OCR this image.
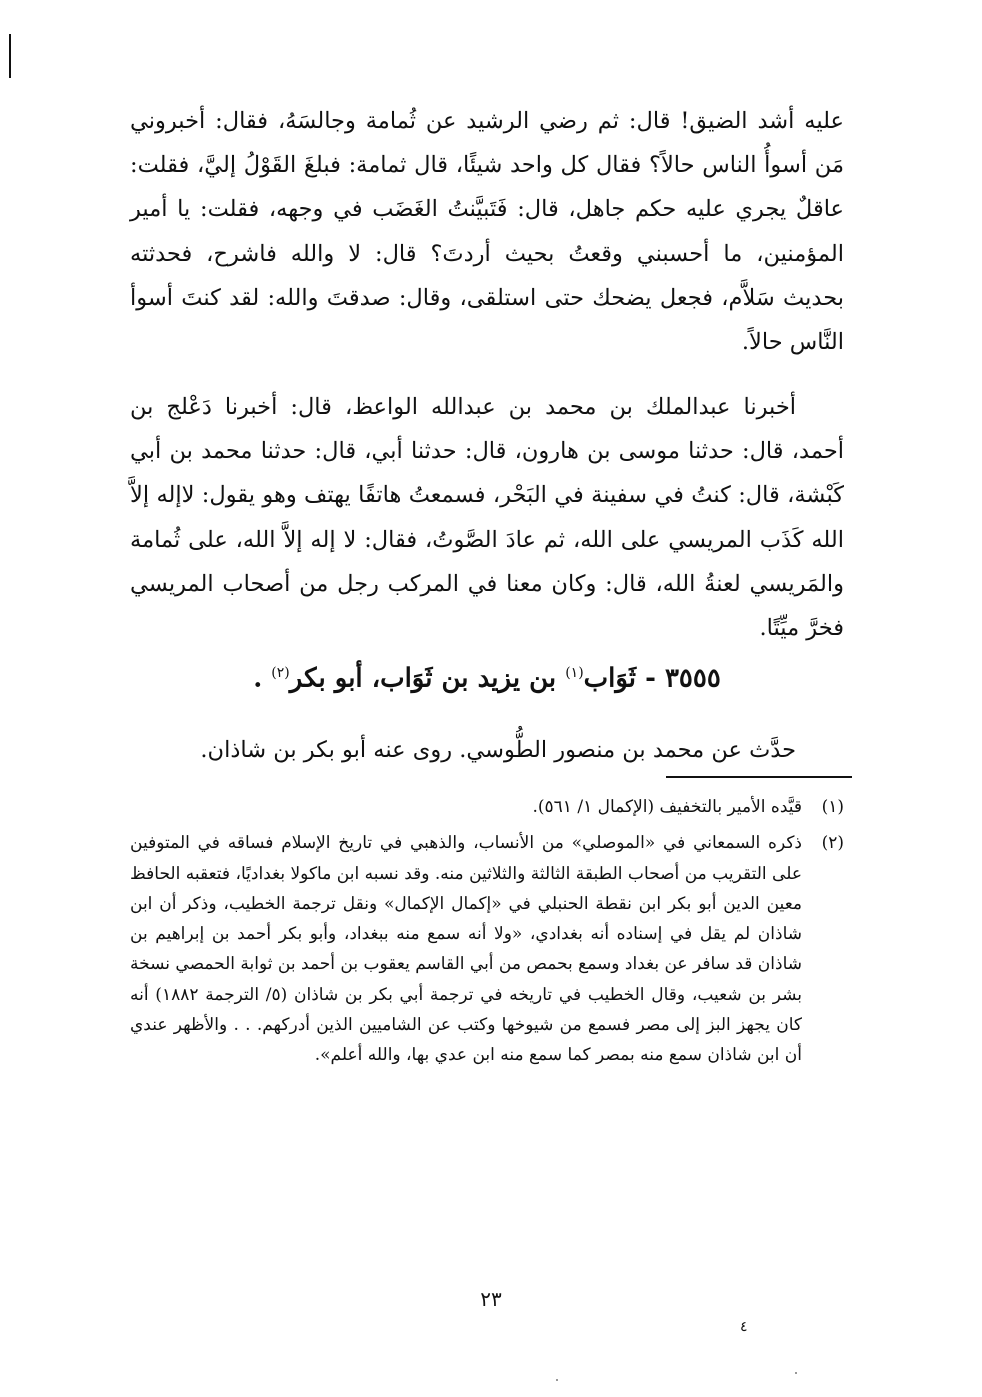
عليه أشد الضيق! قال: ثم رضي الرشيد عن ثُمامة وجالسَهُ، فقال: أخبروني مَن أسوأُ الناس حالاً؟ فقال كل واحد شيئًا، قال ثمامة: فبلغَ القَوْلُ إليَّ، فقلت: عاقلٌ يجري عليه حكم جاهل، قال: فَتَبيَّنتُ الغَضَب في وجهه، فقلت: يا أمير المؤمنين، ما أحسبني وقعتُ بحيث أردتَ؟ قال: لا والله فاشرح، فحدثته بحديث سَلاَّم، فجعل يضحك حتى استلقى، وقال: صدقتَ والله: لقد كنتَ أسوأ النَّاس حالاً.

أخبرنا عبدالملك بن محمد بن عبدالله الواعظ، قال: أخبرنا دَعْلج بن أحمد، قال: حدثنا موسى بن هارون، قال: حدثنا أبي، قال: حدثنا محمد بن أبي كَبْشة، قال: كنتُ في سفينة في البَحْر، فسمعتُ هاتفًا يهتف وهو يقول: لاإله إلاَّ الله كَذَب المريسي على الله، ثم عادَ الصَّوتُ، فقال: لا إله إلاَّ الله، على ثُمامة والمَريسي لعنةُ الله، قال: وكان معنا في المركب رجل من أصحاب المريسي فخرَّ ميِّتًا.

٣٥٥٥ - ثَوَاب$^{(١)}$ بن يزيد بن ثَوَاب، أبو بكر$^{(٢)}$ .

حدَّث عن محمد بن منصور الطُّوسي. روى عنه أبو بكر بن شاذان.

(١)
قيَّده الأمير بالتخفيف (الإكمال ١/ ٥٦١).

(٢)
ذكره السمعاني في «الموصلي» من الأنساب، والذهبي في تاريخ الإسلام فساقه في المتوفين على التقريب من أصحاب الطبقة الثالثة والثلاثين منه. وقد نسبه ابن ماكولا بغداديًا، فتعقبه الحافظ معين الدين أبو بكر ابن نقطة الحنبلي في «إكمال الإكمال» ونقل ترجمة الخطيب، وذكر أن ابن شاذان لم يقل في إسناده أنه بغدادي، «ولا أنه سمع منه ببغداد، وأبو بكر أحمد بن إبراهيم بن شاذان قد سافر عن بغداد وسمع بحمص من أبي القاسم يعقوب بن أحمد بن ثوابة الحمصي نسخة بشر بن شعيب، وقال الخطيب في تاريخه في ترجمة أبي بكر بن شاذان (٥/ الترجمة ١٨٨٢) أنه كان يجهز البز إلى مصر فسمع من شيوخها وكتب عن الشاميين الذين أدركهم. . . والأظهر عندي أن ابن شاذان سمع منه بمصر كما سمع منه ابن عدي بها، والله أعلم».

٢٣
٤
